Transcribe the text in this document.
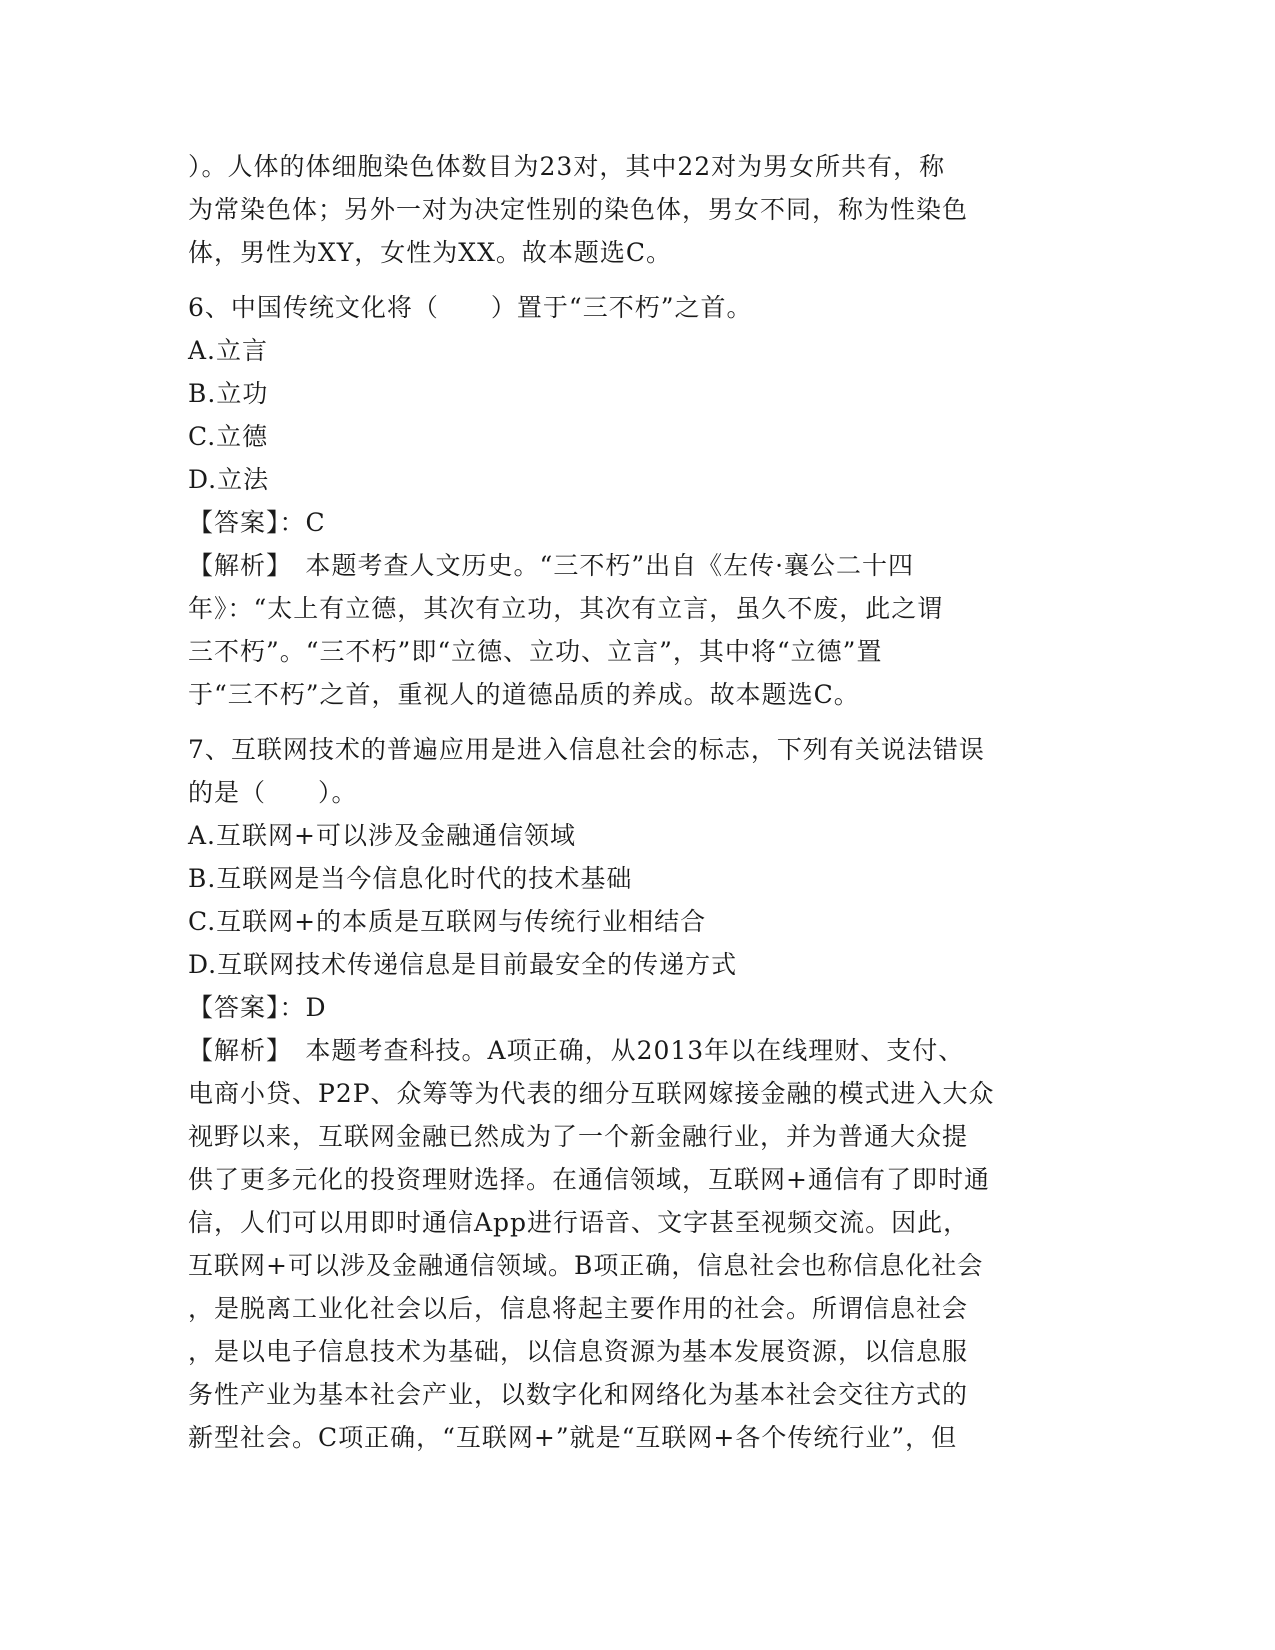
）。人体的体细胞染色体数目为23对，其中22对为男女所共有，称
为常染色体；另外一对为决定性别的染色体，男女不同，称为性染色
体，男性为XY，女性为XX。故本题选C。
6、中国传统文化将（　　）置于“三不朽”之首。
A.立言
B.立功
C.立德
D.立法
【答案】：C
【解析】　 本题考查人文历史。“三不朽”出自《左传·襄公二十四
年》：“太上有立德，其次有立功，其次有立言，虽久不废，此之谓
三不朽”。“三不朽”即“立德、立功、立言”，其中将“立德”置
于“三不朽”之首，重视人的道德品质的养成。故本题选C。
7、互联网技术的普遍应用是进入信息社会的标志，下列有关说法错误
的是（　　）。
A.互联网+可以涉及金融通信领域
B.互联网是当今信息化时代的技术基础
C.互联网+的本质是互联网与传统行业相结合
D.互联网技术传递信息是目前最安全的传递方式
【答案】：D
【解析】　 本题考查科技。A项正确，从2013年以在线理财、支付、
电商小贷、P2P、众筹等为代表的细分互联网嫁接金融的模式进入大众
视野以来，互联网金融已然成为了一个新金融行业，并为普通大众提
供了更多元化的投资理财选择。在通信领域，互联网+通信有了即时通
信，人们可以用即时通信App进行语音、文字甚至视频交流。因此，
互联网+可以涉及金融通信领域。B项正确，信息社会也称信息化社会
，是脱离工业化社会以后，信息将起主要作用的社会。所谓信息社会
，是以电子信息技术为基础，以信息资源为基本发展资源，以信息服
务性产业为基本社会产业，以数字化和网络化为基本社会交往方式的
新型社会。C项正确，“互联网+”就是“互联网+各个传统行业”，但
